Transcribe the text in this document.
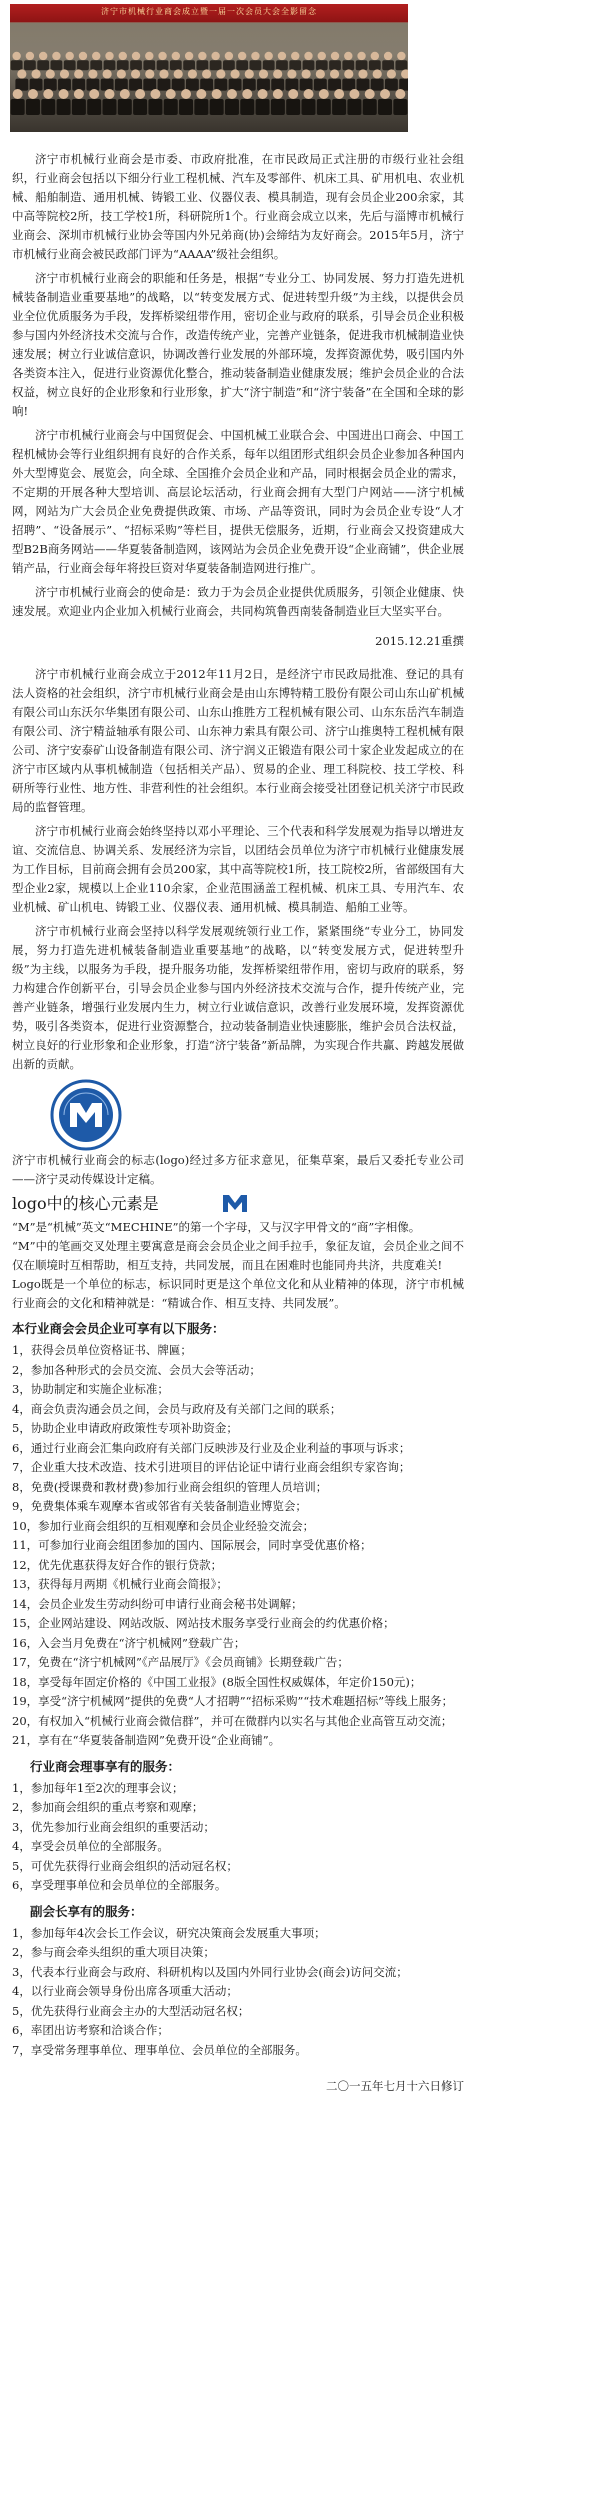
济宁市机械行业商会成立暨一届一次会员大会全影留念

济宁市机械行业商会是市委、市政府批准，在市民政局正式注册的市级行业社会组织，行业商会包括以下细分行业工程机械、汽车及零部件、机床工具、矿用机电、农业机械、船舶制造、通用机械、铸锻工业、仪器仪表、模具制造，现有会员企业200余家，其中高等院校2所，技工学校1所，科研院所1个。行业商会成立以来，先后与淄博市机械行业商会、深圳市机械行业协会等国内外兄弟商(协)会缔结为友好商会。2015年5月，济宁市机械行业商会被民政部门评为“AAAA”级社会组织。

济宁市机械行业商会的职能和任务是，根据“专业分工、协同发展、努力打造先进机械装备制造业重要基地”的战略，以“转变发展方式、促进转型升级”为主线，以提供会员业全位优质服务为手段，发挥桥梁纽带作用，密切企业与政府的联系，引导会员企业积极参与国内外经济技术交流与合作，改造传统产业，完善产业链条，促进我市机械制造业快速发展；树立行业诚信意识，协调改善行业发展的外部环境，发挥资源优势，吸引国内外各类资本注入，促进行业资源优化整合，推动装备制造业健康发展；维护会员企业的合法权益，树立良好的企业形象和行业形象，扩大“济宁制造”和“济宁装备”在全国和全球的影响!

济宁市机械行业商会与中国贸促会、中国机械工业联合会、中国进出口商会、中国工程机械协会等行业组织拥有良好的合作关系，每年以组团形式组织会员企业参加各种国内外大型博览会、展览会，向全球、全国推介会员企业和产品，同时根据会员企业的需求，不定期的开展各种大型培训、高层论坛活动，行业商会拥有大型门户网站——济宁机械网，网站为广大会员企业免费提供政策、市场、产品等资讯，同时为会员企业专设“人才招聘”、“设备展示”、“招标采购”等栏目，提供无偿服务，近期，行业商会又投资建成大型B2B商务网站——华夏装备制造网，该网站为会员企业免费开设“企业商铺”，供企业展销产品，行业商会每年将投巨资对华夏装备制造网进行推广。

济宁市机械行业商会的使命是：致力于为会员企业提供优质服务，引领企业健康、快速发展。欢迎业内企业加入机械行业商会，共同构筑鲁西南装备制造业巨大坚实平台。

2015.12.21重撰

济宁市机械行业商会成立于2012年11月2日，是经济宁市民政局批准、登记的具有法人资格的社会组织，济宁市机械行业商会是由山东博特精工股份有限公司山东山矿机械有限公司山东沃尔华集团有限公司、山东山推胜方工程机械有限公司、山东东岳汽车制造有限公司、济宁精益轴承有限公司、山东神力索具有限公司、济宁山推奥特工程机械有限公司、济宁安泰矿山设备制造有限公司、济宁润义正锻造有限公司十家企业发起成立的在济宁市区域内从事机械制造（包括相关产品）、贸易的企业、理工科院校、技工学校、科研所等行业性、地方性、非营利性的社会组织。本行业商会接受社团登记机关济宁市民政局的监督管理。

济宁市机械行业商会始终坚持以邓小平理论、三个代表和科学发展观为指导以增进友谊、交流信息、协调关系、发展经济为宗旨，以团结会员单位为济宁市机械行业健康发展为工作目标，目前商会拥有会员200家，其中高等院校1所，技工院校2所，省部级国有大型企业2家，规模以上企业110余家，企业范围涵盖工程机械、机床工具、专用汽车、农业机械、矿山机电、铸锻工业、仪器仪表、通用机械、模具制造、船舶工业等。

济宁市机械行业商会坚持以科学发展观统领行业工作，紧紧围绕“专业分工，协同发展，努力打造先进机械装备制造业重要基地”的战略，以“转变发展方式，促进转型升级”为主线，以服务为手段，提升服务功能，发挥桥梁纽带作用，密切与政府的联系，努力构建合作创新平台，引导会员企业参与国内外经济技术交流与合作，提升传统产业，完善产业链条，增强行业发展内生力，树立行业诚信意识，改善行业发展环境，发挥资源优势，吸引各类资本，促进行业资源整合，拉动装备制造业快速膨胀，维护会员合法权益，树立良好的行业形象和企业形象，打造“济宁装备”新品牌，为实现合作共赢、跨越发展做出新的贡献。

济宁市机械行业商会的标志(logo)经过多方征求意见，征集草案，最后又委托专业公司——济宁灵动传媒设计定稿。

logo中的核心元素是

“M”是“机械”英文“MECHINE”的第一个字母，又与汉字甲骨文的“商”字相像。

“M”中的笔画交叉处理主要寓意是商会会员企业之间手拉手，象征友谊，会员企业之间不仅在顺境时互相帮助，相互支持，共同发展，而且在困难时也能同舟共济，共度难关!

Logo既是一个单位的标志，标识同时更是这个单位文化和从业精神的体现，济宁市机械行业商会的文化和精神就是：“精诚合作、相互支持、共同发展”。

本行业商会会员企业可享有以下服务：
1，获得会员单位资格证书、牌匾；
2，参加各种形式的会员交流、会员大会等活动；
3，协助制定和实施企业标准；
4，商会负责沟通会员之间，会员与政府及有关部门之间的联系；
5，协助企业申请政府政策性专项补助资金；
6，通过行业商会汇集向政府有关部门反映涉及行业及企业利益的事项与诉求；
7，企业重大技术改造、技术引进项目的评估论证中请行业商会组织专家咨询；
8，免费(授课费和教材费)参加行业商会组织的管理人员培训；
9，免费集体乘车观摩本省或邻省有关装备制造业博览会；
10，参加行业商会组织的互相观摩和会员企业经验交流会；
11，可参加行业商会组团参加的国内、国际展会，同时享受优惠价格；
12，优先优惠获得友好合作的银行贷款；
13，获得每月两期《机械行业商会简报》；
14，会员企业发生劳动纠纷可申请行业商会秘书处调解；
15，企业网站建设、网站改版、网站技术服务享受行业商会的约优惠价格；
16，入会当月免费在“济宁机械网”登载广告；
17，免费在“济宁机械网”《产品展厅》《会员商铺》长期登载广告；
18，享受每年固定价格的《中国工业报》(8版全国性权威媒体，年定价150元)；
19，享受“济宁机械网”提供的免费“人才招聘”“招标采购”“技术难题招标”等线上服务；
20，有权加入“机械行业商会微信群”，并可在微群内以实名与其他企业高管互动交流；
21，享有在“华夏装备制造网”免费开设“企业商铺”。
行业商会理事享有的服务：
1，参加每年1至2次的理事会议；
2，参加商会组织的重点考察和观摩；
3，优先参加行业商会组织的重要活动；
4，享受会员单位的全部服务。
5，可优先获得行业商会组织的活动冠名权；
6，享受理事单位和会员单位的全部服务。
副会长享有的服务：
1，参加每年4次会长工作会议，研究决策商会发展重大事项；
2，参与商会牵头组织的重大项目决策；
3，代表本行业商会与政府、科研机构以及国内外同行业协会(商会)访问交流；
4，以行业商会领导身份出席各项重大活动；
5，优先获得行业商会主办的大型活动冠名权；
6，率团出访考察和洽谈合作；
7，享受常务理事单位、理事单位、会员单位的全部服务。
二〇一五年七月十六日修订
